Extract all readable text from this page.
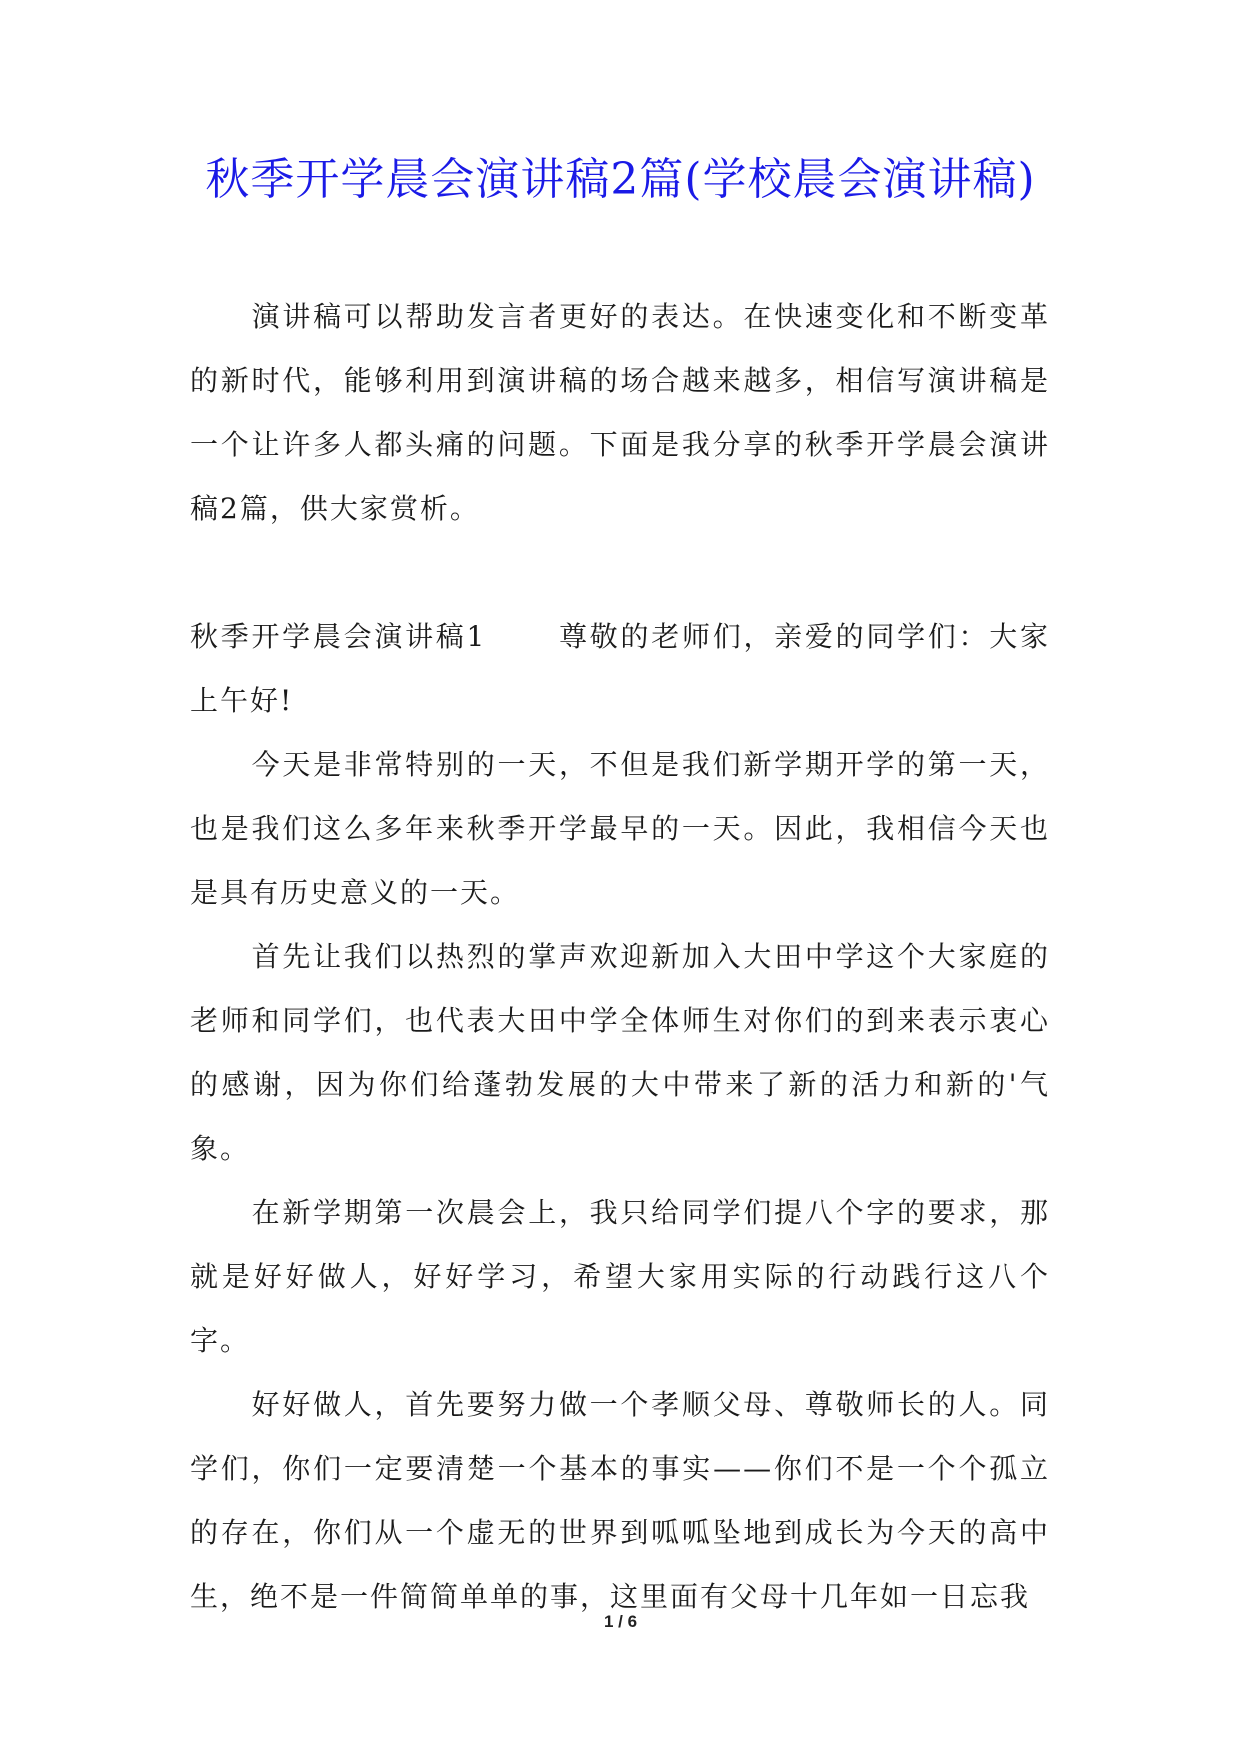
秋季开学晨会演讲稿2篇(学校晨会演讲稿)

演讲稿可以帮助发言者更好的表达。在快速变化和不断变革的新时代，能够利用到演讲稿的场合越来越多，相信写演讲稿是一个让许多人都头痛的问题。下面是我分享的秋季开学晨会演讲稿2篇，供大家赏析。

秋季开学晨会演讲稿1	尊敬的老师们，亲爱的同学们：大家上午好!

今天是非常特别的一天，不但是我们新学期开学的第一天，也是我们这么多年来秋季开学最早的一天。因此，我相信今天也是具有历史意义的一天。

首先让我们以热烈的掌声欢迎新加入大田中学这个大家庭的老师和同学们，也代表大田中学全体师生对你们的到来表示衷心的感谢，因为你们给蓬勃发展的大中带来了新的活力和新的'气象。

在新学期第一次晨会上，我只给同学们提八个字的要求，那就是好好做人，好好学习，希望大家用实际的行动践行这八个字。

好好做人，首先要努力做一个孝顺父母、尊敬师长的人。同学们，你们一定要清楚一个基本的事实——你们不是一个个孤立的存在，你们从一个虚无的世界到呱呱坠地到成长为今天的高中生，绝不是一件简简单单的事，这里面有父母十几年如一日忘我

1 / 6
